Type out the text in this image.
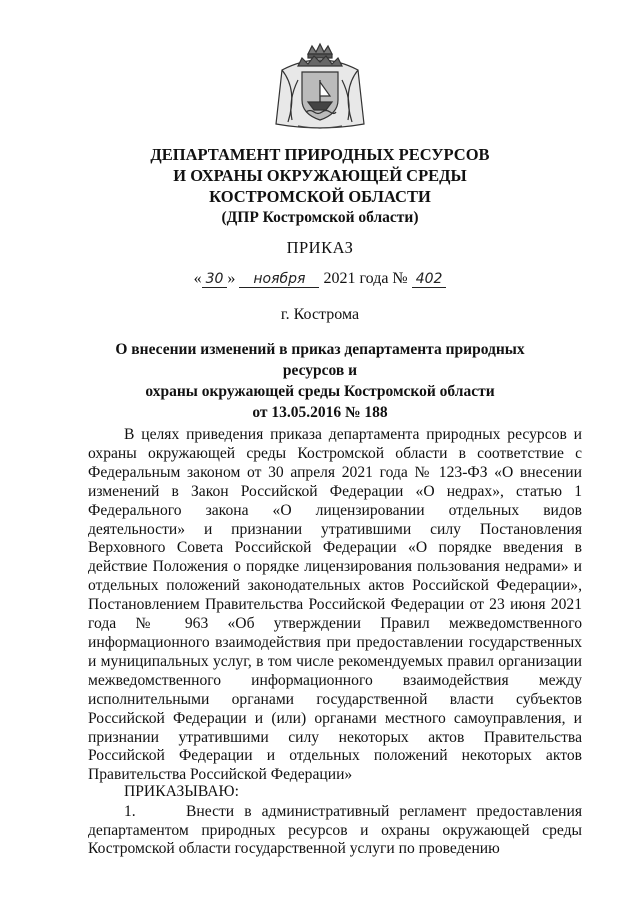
ДЕПАРТАМЕНТ ПРИРОДНЫХ РЕСУРСОВ
И ОХРАНЫ ОКРУЖАЮЩЕЙ СРЕДЫ
КОСТРОМСКОЙ ОБЛАСТИ
(ДПР Костромской области)
ПРИКАЗ
« 30 » ноября 2021 года № 402
г. Кострома
О внесении изменений в приказ департамента природных ресурсов и
охраны окружающей среды Костромской области
от 13.05.2016 № 188
В целях приведения приказа департамента природных ресурсов и охраны окружающей среды Костромской области в соответствие с Федеральным законом от 30 апреля 2021 года № 123-ФЗ «О внесении изменений в Закон Российской Федерации «О недрах», статью 1 Федерального закона «О лицензировании отдельных видов деятельности» и признании утратившими силу Постановления Верховного Совета Российской Федерации «О порядке введения в действие Положения о порядке лицензирования пользования недрами» и отдельных положений законодательных актов Российской Федерации», Постановлением Правительства Российской Федерации от 23 июня 2021 года № 963 «Об утверждении Правил межведомственного информационного взаимодействия при предоставлении государственных и муниципальных услуг, в том числе рекомендуемых правил организации межведомственного информационного взаимодействия между исполнительными органами государственной власти субъектов Российской Федерации и (или) органами местного самоуправления, и признании утратившими силу некоторых актов Правительства Российской Федерации и отдельных положений некоторых актов Правительства Российской Федерации»
ПРИКАЗЫВАЮ:
1.     Внести в административный регламент предоставления департаментом природных ресурсов и охраны окружающей среды Костромской области государственной услуги по проведению
